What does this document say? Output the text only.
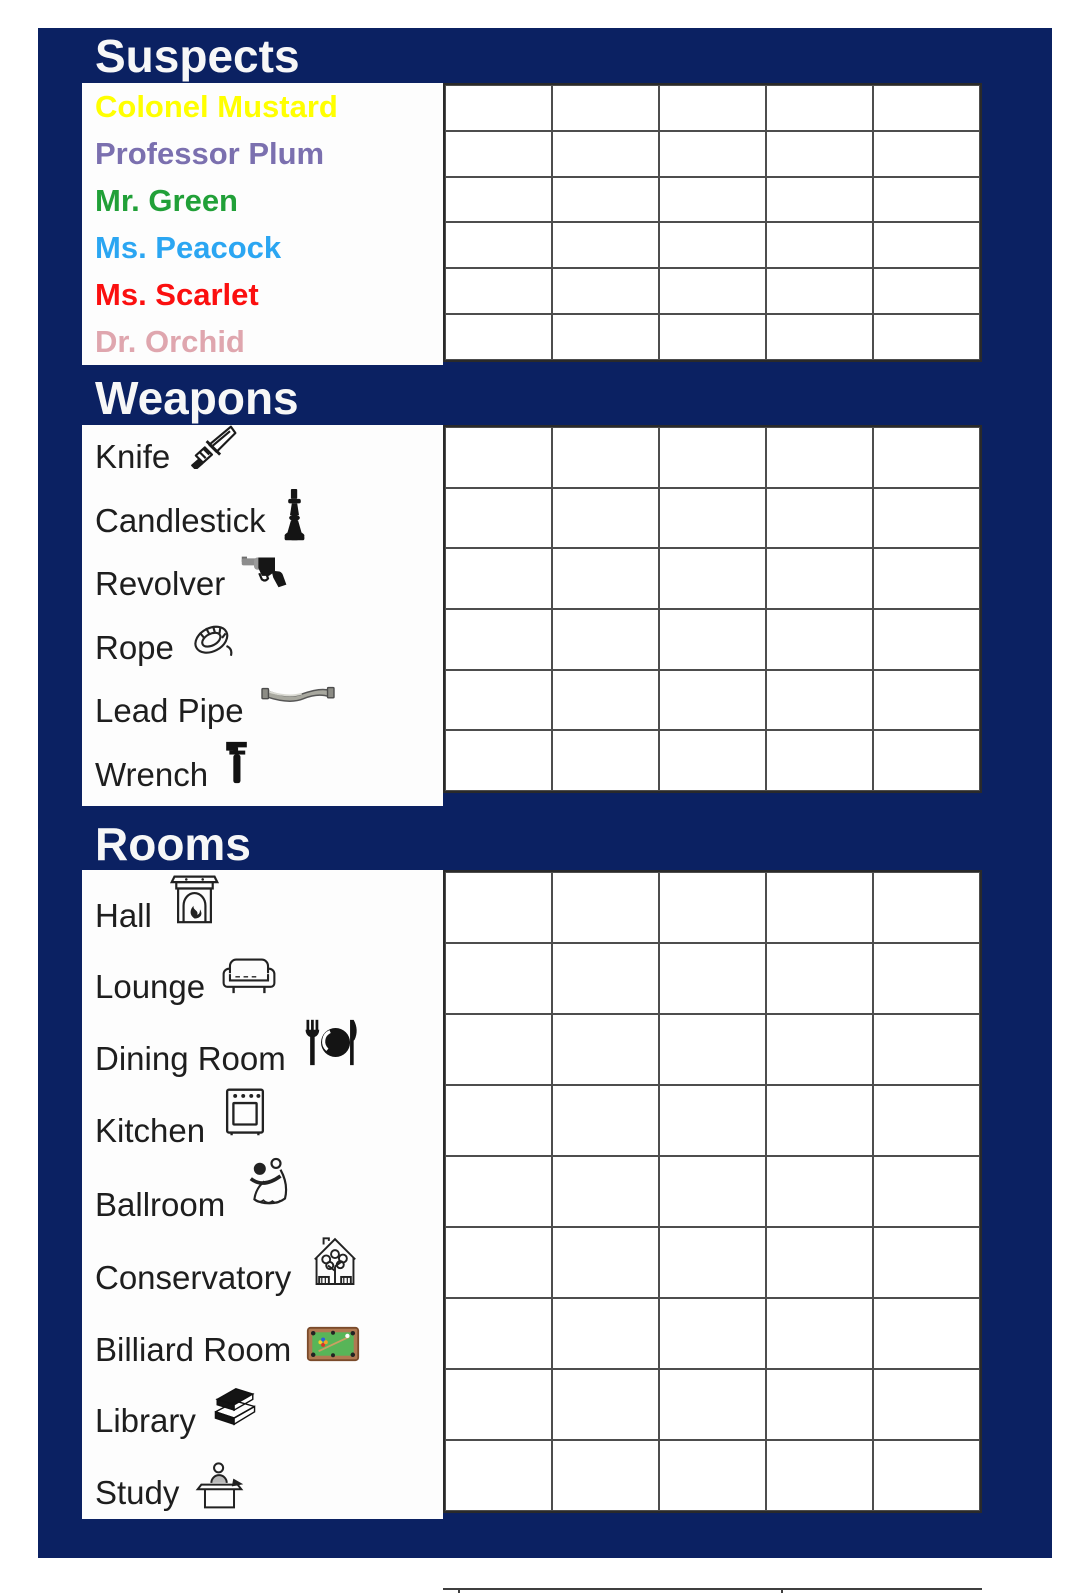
Suspects
Colonel Mustard
Professor Plum
Mr. Green
Ms. Peacock
Ms. Scarlet
Dr. Orchid
Weapons
Knife
Candlestick
Revolver
Rope
Lead Pipe
Wrench
Rooms
Hall
Lounge
Dining Room
Kitchen
Ballroom
Conservatory
Billiard Room
Library
Study
